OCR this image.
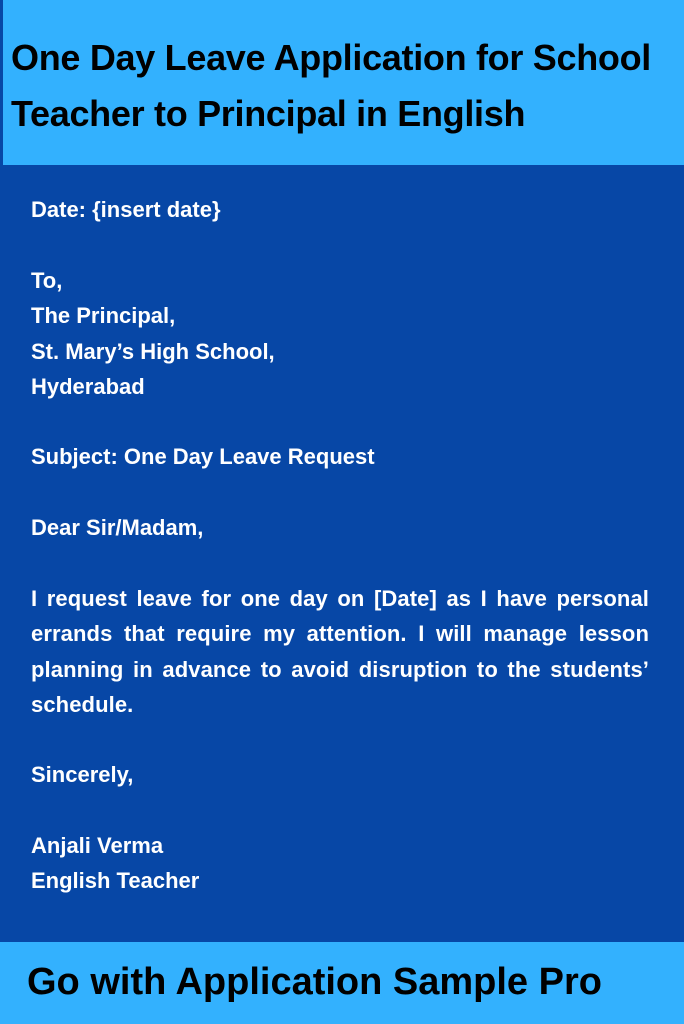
One Day Leave Application for School
Teacher to Principal in English

Date: {insert date}

To,
The Principal,
St. Mary’s High School,
Hyderabad

Subject: One Day Leave Request

Dear Sir/Madam,

I request leave for one day on [Date] as I have personal errands that require my attention. I will manage lesson planning in advance to avoid disruption to the students’ schedule.

Sincerely,

Anjali Verma
English Teacher

Go with Application Sample Pro
